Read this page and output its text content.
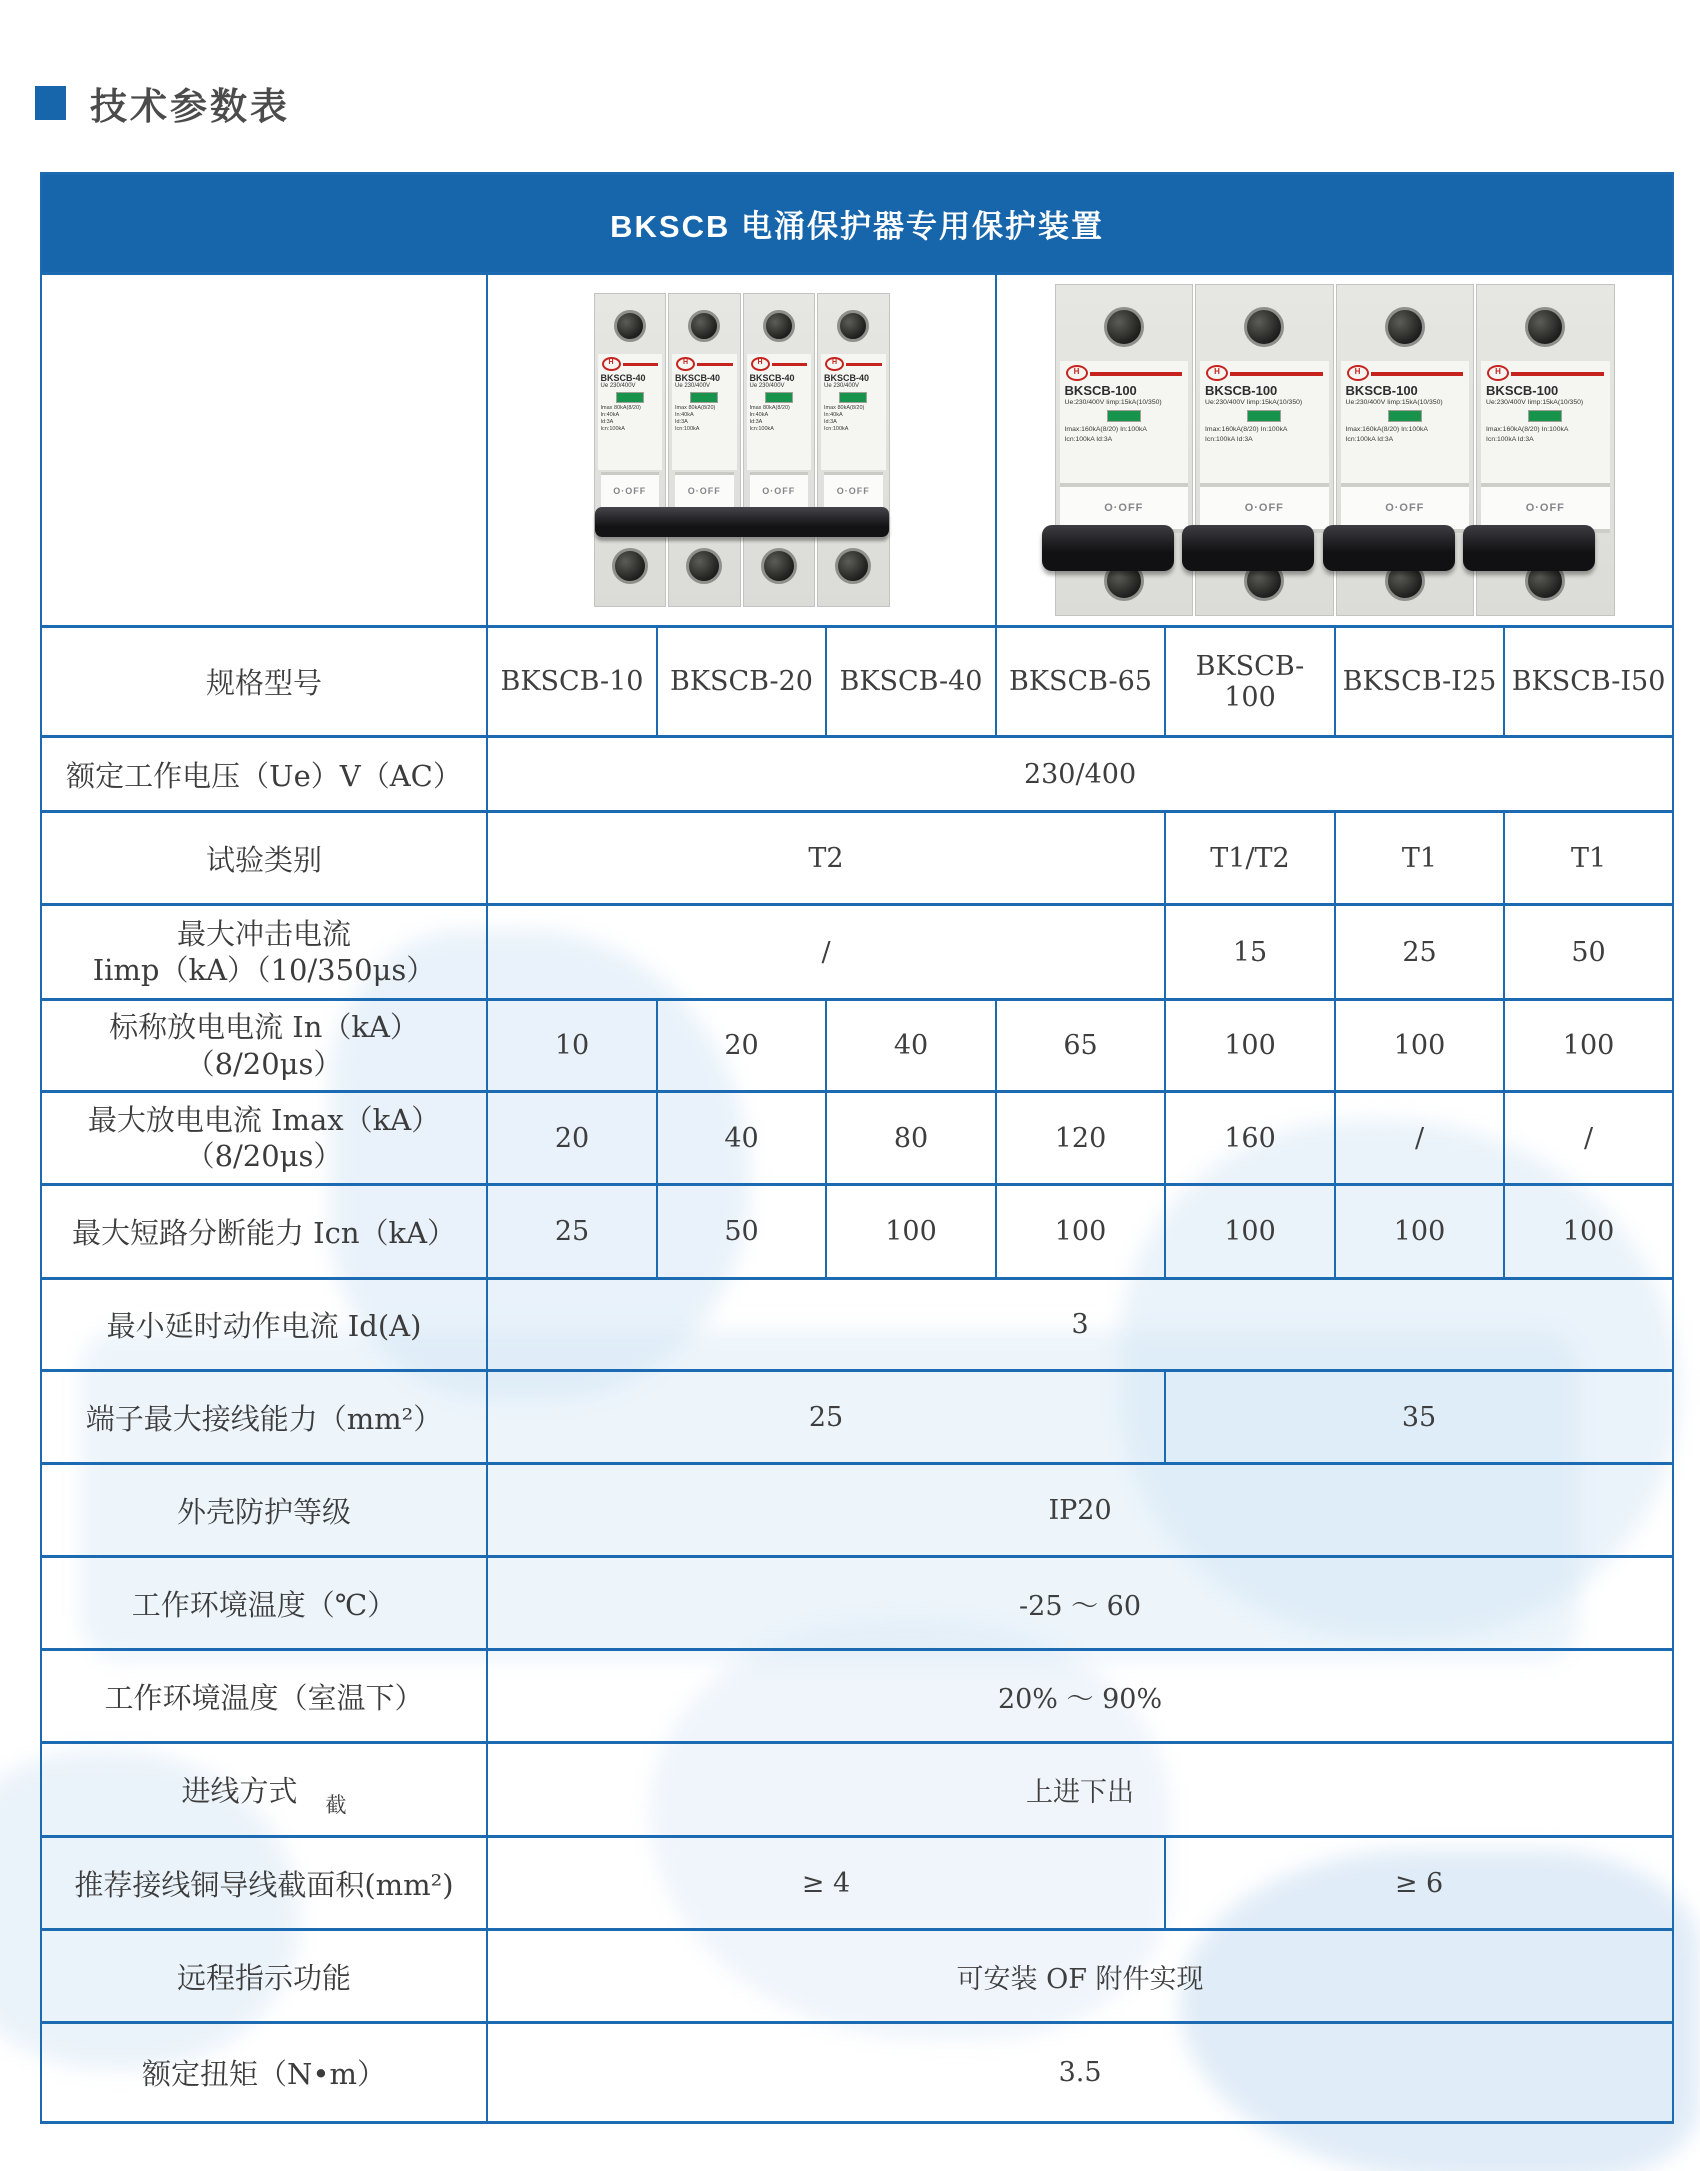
技术参数表
BKSCB 电涌保护器专用保护装置							

H
BKSCB-40
Ue 230/400V
Imax 80kA(8/20)
In:40kA
Id:3A
Icn:100kA
O·OFF
H
BKSCB-40
Ue 230/400V
Imax 80kA(8/20)
In:40kA
Id:3A
Icn:100kA
O·OFF
H
BKSCB-40
Ue 230/400V
Imax 80kA(8/20)
In:40kA
Id:3A
Icn:100kA
O·OFF
H
BKSCB-40
Ue 230/400V
Imax 80kA(8/20)
In:40kA
Id:3A
Icn:100kA
O·OFF

H
BKSCB-100
Ue:230/400V Iimp:15kA(10/350)
Imax:160kA(8/20) In:100kA
Icn:100kA Id:3A
O·OFF
H
BKSCB-100
Ue:230/400V Iimp:15kA(10/350)
Imax:160kA(8/20) In:100kA
Icn:100kA Id:3A
O·OFF
H
BKSCB-100
Ue:230/400V Iimp:15kA(10/350)
Imax:160kA(8/20) In:100kA
Icn:100kA Id:3A
O·OFF
H
BKSCB-100
Ue:230/400V Iimp:15kA(10/350)
Imax:160kA(8/20) In:100kA
Icn:100kA Id:3A
O·OFF

规格型号	BKSCB-10	BKSCB-20	BKSCB-40	BKSCB-65	BKSCB-100	BKSCB-I25	BKSCB-I50
额定工作电压（Ue）V（AC）	230/400						
试验类别	T2				T1/T2	T1	T1

最大冲击电流
Iimp（kA）（10/350μs）	/				15	25	50

标称放电电流 In（kA）
（8/20μs）	10	20	40	65	100	100	100

最大放电电流 Imax（kA）
（8/20μs）	20	40	80	120	160	/	/
最大短路分断能力 Icn（kA）	25	50	100	100	100	100	100
最小延时动作电流 Id(A)	3						
端子最大接线能力（mm²）	25				35		
外壳防护等级	IP20						
工作环境温度（℃）	-25 ～ 60						
工作环境温度（室温下）	20% ～ 90%						
进线方式 $_截$	上进下出						
推荐接线铜导线截面积(mm²)	≥ 4				≥ 6		
远程指示功能	可安装 OF 附件实现						
额定扭矩（N•m）	3.5						
